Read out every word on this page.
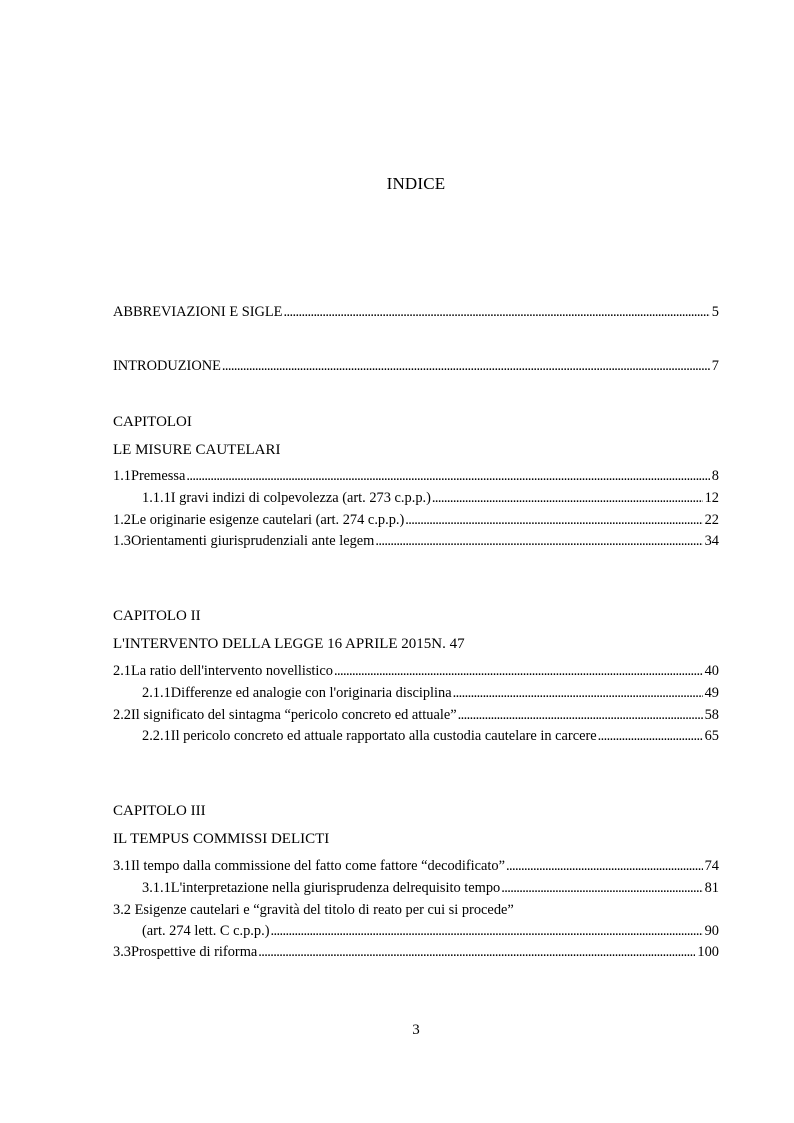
INDICE
ABBREVIAZIONI E SIGLE . . .	5
INTRODUZIONE . . .	7
CAPITOLOI
LE MISURE CAUTELARI
1.1 Premessa . . .	8
1.1.1 I gravi indizi di colpevolezza (art. 273 c.p.p.) . . .	12
1.2 Le originarie esigenze cautelari (art. 274 c.p.p.) . . .	22
1.3 Orientamenti giurisprudenziali ante legem . . .	34
CAPITOLO II
L'INTERVENTO DELLA LEGGE 16 APRILE 2015N. 47
2.1 La ratio dell'intervento novellistico . . .	40
2.1.1 Differenze ed analogie con l'originaria disciplina . . .	49
2.2 Il significato del sintagma “pericolo concreto ed attuale” . . .	58
2.2.1 Il pericolo concreto ed attuale rapportato alla custodia cautelare in carcere . . .	65
CAPITOLO III
IL TEMPUS COMMISSI DELICTI
3.1 Il tempo dalla commissione del fatto come fattore “decodificato” . . .	74
3.1.1 L'interpretazione nella giurisprudenza delrequisito tempo . . .	81
3.2 Esigenze cautelari e “gravità del titolo di reato per cui si procede”
(art. 274 lett. C c.p.p.) . . .	90
3.3 Prospettive di riforma . . .	100
3
